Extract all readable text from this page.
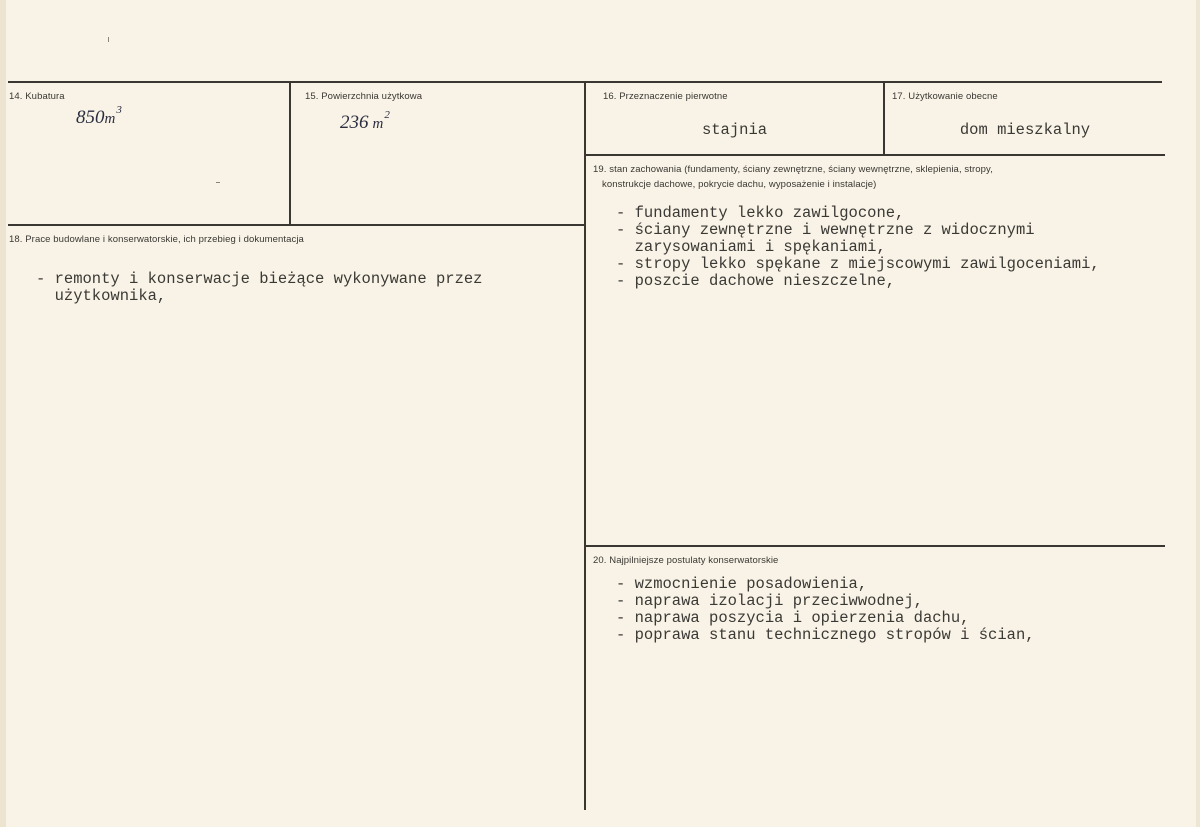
14. Kubatura
$850m^3$
15. Powierzchnia użytkowa
236 $m^2$
16. Przeznaczenie pierwotne
stajnia
17. Użytkowanie obecne
dom mieszkalny
18. Prace budowlane i konserwatorskie, ich przebieg i dokumentacja
- remonty i konserwacje bieżące wykonywane przez
użytkownika,
19. stan zachowania (fundamenty, ściany zewnętrzne, ściany wewnętrzne, sklepienia, stropy,
konstrukcje dachowe, pokrycie dachu, wyposażenie i instalacje)
- fundamenty lekko zawilgocone,
- ściany zewnętrzne i wewnętrzne z widocznymi
zarysowaniami i spękaniami,
- stropy lekko spękane z miejscowymi zawilgoceniami,
- poszcie dachowe nieszczelne,
20. Najpilniejsze postulaty konserwatorskie
- wzmocnienie posadowienia,
- naprawa izolacji przeciwwodnej,
- naprawa poszycia i opierzenia dachu,
- poprawa stanu technicznego stropów i ścian,
